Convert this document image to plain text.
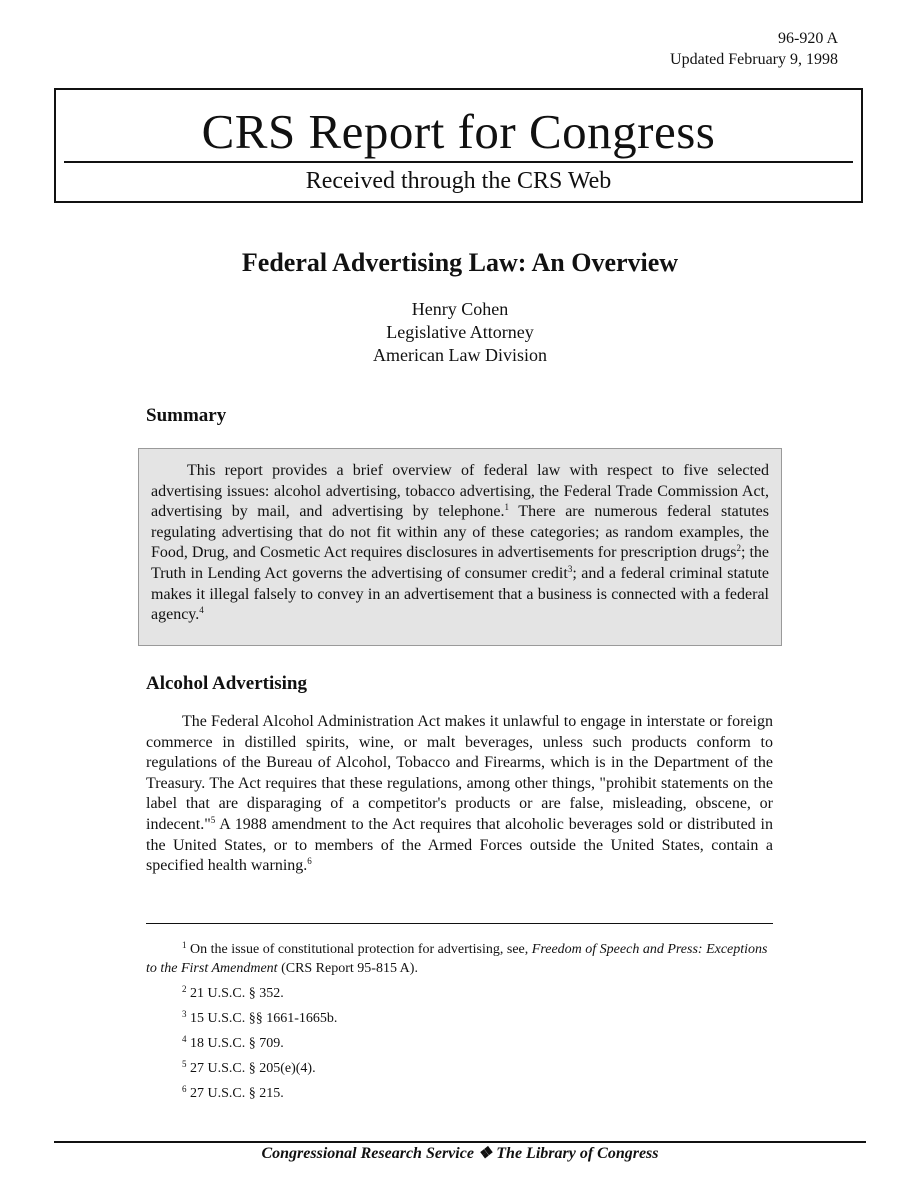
96-920 A
Updated February 9, 1998
CRS Report for Congress
Received through the CRS Web
Federal Advertising Law: An Overview
Henry Cohen
Legislative Attorney
American Law Division
Summary

This report provides a brief overview of federal law with respect to five selected advertising issues: alcohol advertising, tobacco advertising, the Federal Trade Commission Act, advertising by mail, and advertising by telephone.$^1$ There are numerous federal statutes regulating advertising that do not fit within any of these categories; as random examples, the Food, Drug, and Cosmetic Act requires disclosures in advertisements for prescription drugs$^2$; the Truth in Lending Act governs the advertising of consumer credit$^3$; and a federal criminal statute makes it illegal falsely to convey in an advertisement that a business is connected with a federal agency.$^4$

Alcohol Advertising

The Federal Alcohol Administration Act makes it unlawful to engage in interstate or foreign commerce in distilled spirits, wine, or malt beverages, unless such products conform to regulations of the Bureau of Alcohol, Tobacco and Firearms, which is in the Department of the Treasury. The Act requires that these regulations, among other things, "prohibit statements on the label that are disparaging of a competitor's products or are false, misleading, obscene, or indecent."$^5$ A 1988 amendment to the Act requires that alcoholic beverages sold or distributed in the United States, or to members of the Armed Forces outside the United States, contain a specified health warning.$^6$

$^1$ On the issue of constitutional protection for advertising, see, Freedom of Speech and Press: Exceptions to the First Amendment (CRS Report 95-815 A).

$^2$ 21 U.S.C. § 352.

$^3$ 15 U.S.C. §§ 1661-1665b.

$^4$ 18 U.S.C. § 709.

$^5$ 27 U.S.C. § 205(e)(4).

$^6$ 27 U.S.C. § 215.

Congressional Research Service ❖ The Library of Congress
